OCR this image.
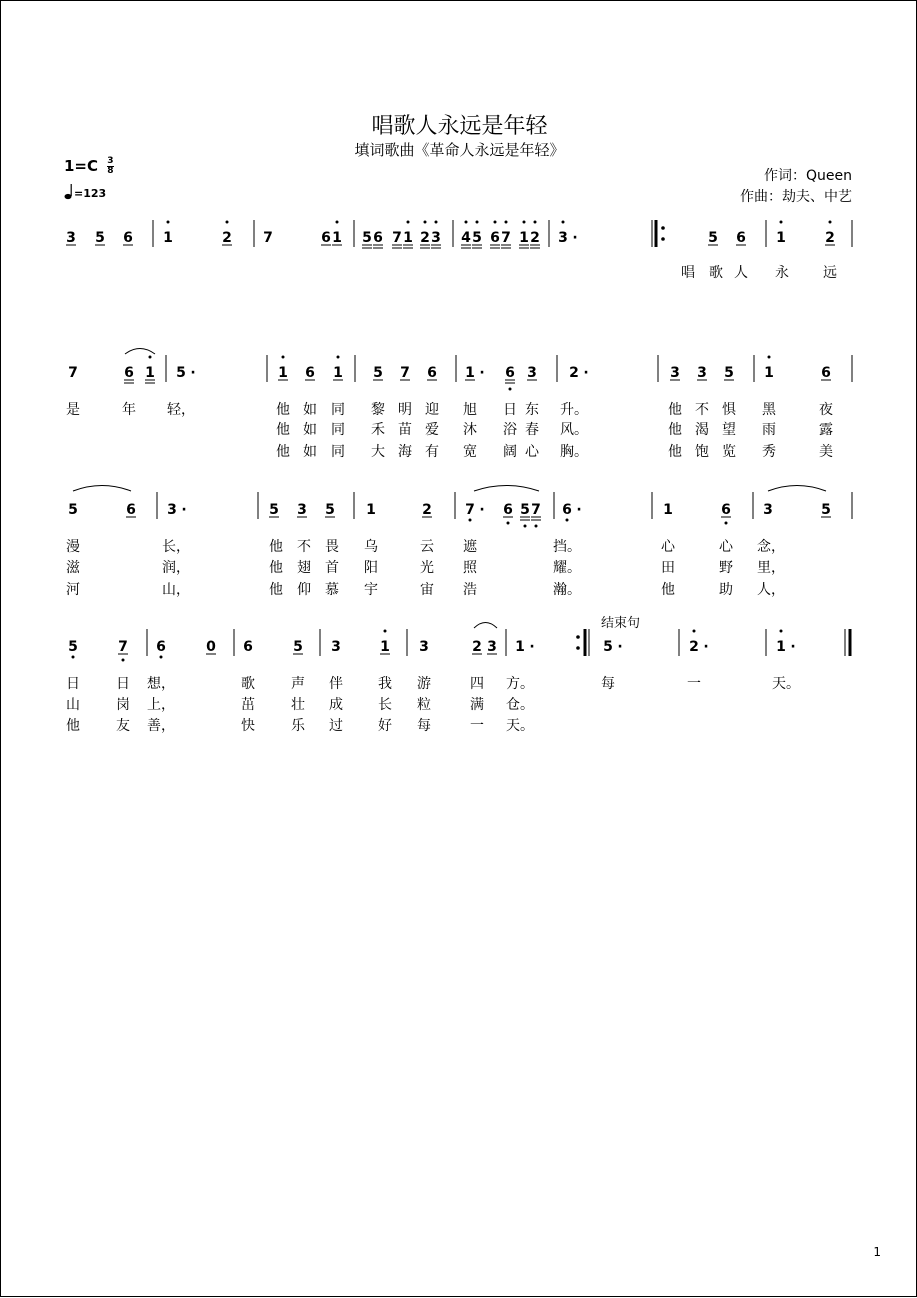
唱歌人永远是年轻
填词歌曲《革命人永远是年轻》
作词：Queen
作曲：劫夫、中艺
$1=C \frac{3}{8}$
=123
3 5 6 1	2 7	6 1 5 6 7 1 2 3 4 5 6 7 1 2 3 ·	5 6 1	2
7	6 1 5 ·	1 6 1 5 7 6 1 · 6 3 2 ·	3 3 5 1	6
5	6 3 ·	5 3 5 1	2 7 · 6 5 7 6 ·	1	6 3	5
5	7 6	0 6	5 3	1 3	2 3 1 ·	5 ·	2 ·	1 ·
唱 歌 人 永 远
是	年 轻，	他 如 同 黎 明 迎 旭 日 东 升。	他 不 惧 黑	夜
他 如 同 禾 苗 爱 沐 浴 春 风。	他 渴 望 雨	露
他 如 同 大 海 有 宽 阔 心 胸。	他 饱 览 秀	美
漫	长，	他 不 畏 乌	云 遮	挡。	心	心 念，
滋	润，	他 翅 首 阳	光 照	耀。	田	野 里，
河	山，	他 仰 慕 宇	宙 浩	瀚。	他	助 人，
日	日 想，	歌	声 伴	我 游	四 方。	每	一	天。
山	岗 上，	茁	壮 成	长 粒	满 仓。
他	友 善，	快	乐 过	好 每	一 天。
结束句
1
